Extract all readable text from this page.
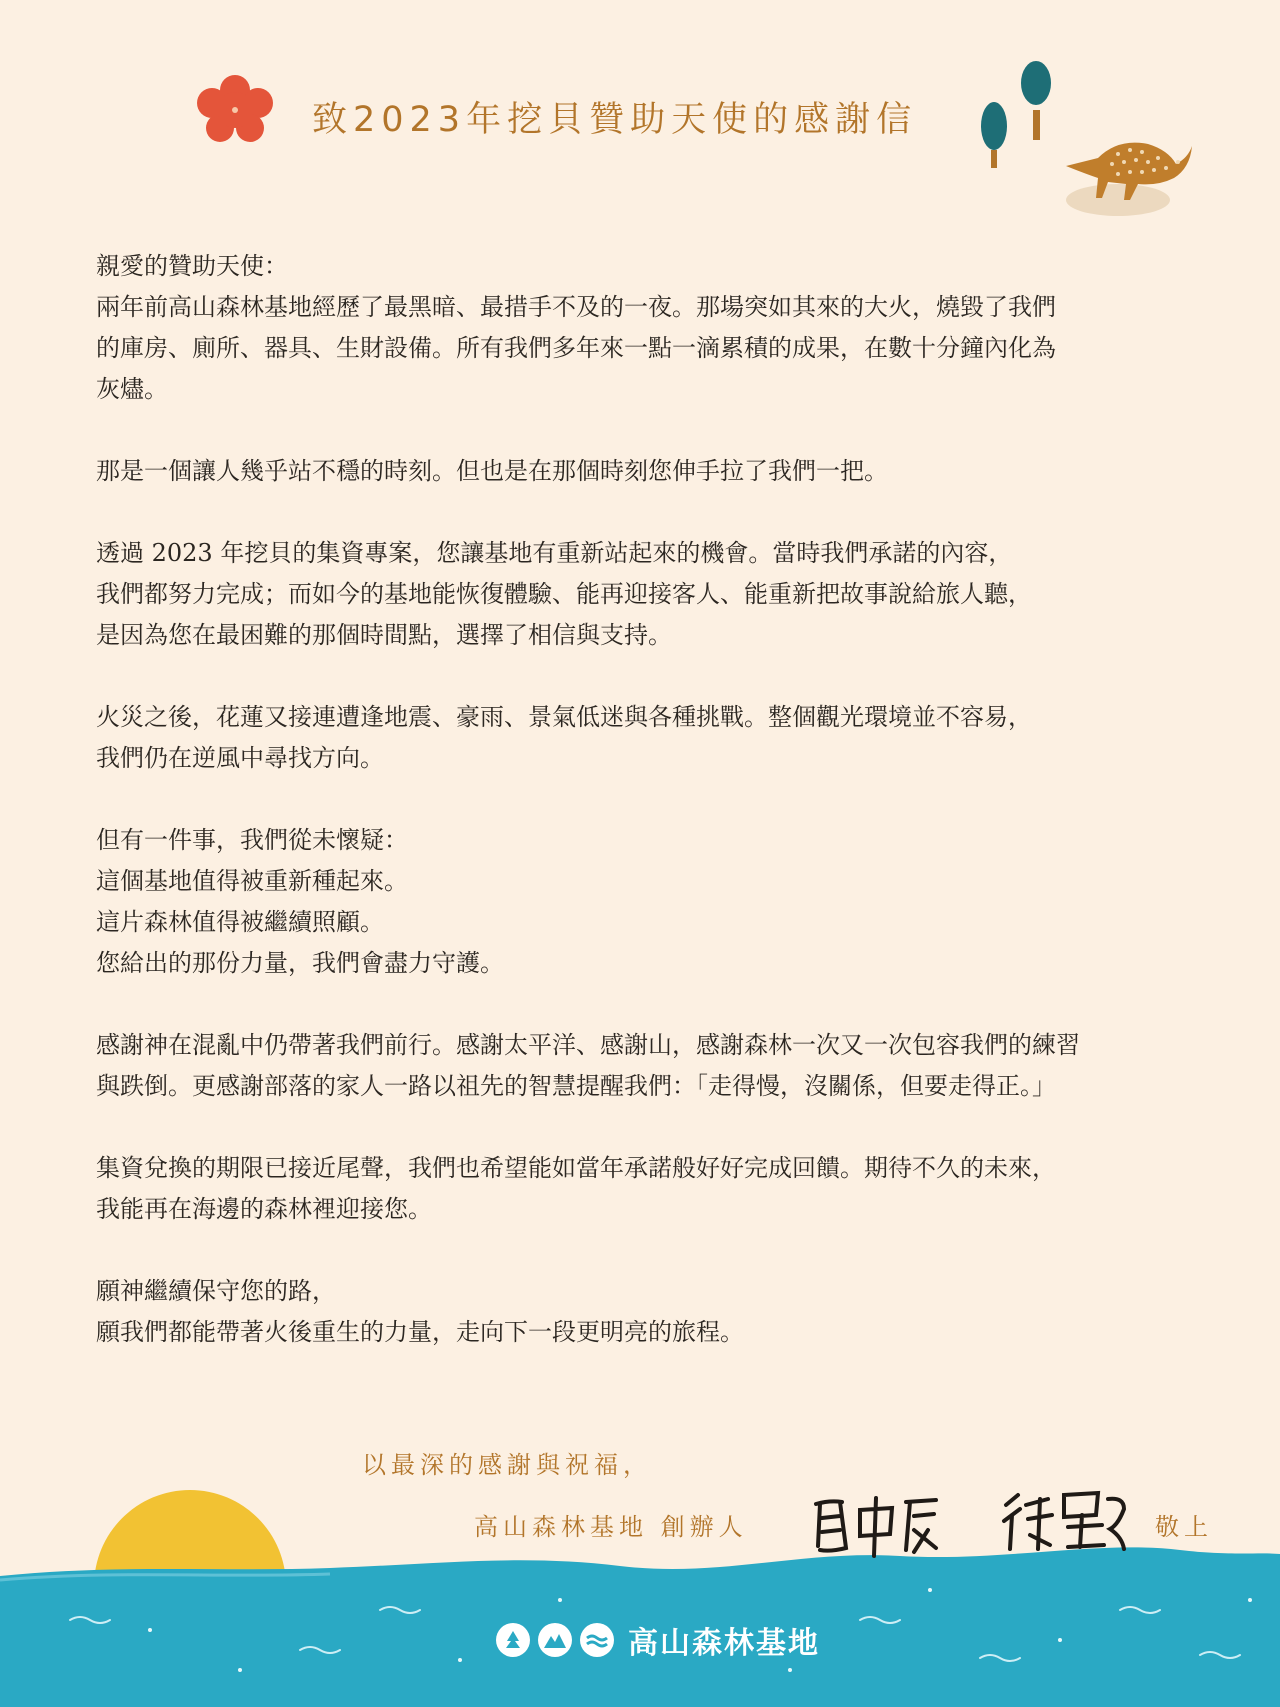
致2023年挖貝贊助天使的感謝信

親愛的贊助天使：
兩年前高山森林基地經歷了最黑暗、最措手不及的一夜。那場突如其來的大火，燒毀了我們
的庫房、廁所、器具、生財設備。所有我們多年來一點一滴累積的成果，在數十分鐘內化為
灰燼。

那是一個讓人幾乎站不穩的時刻。但也是在那個時刻您伸手拉了我們一把。

透過 2023 年挖貝的集資專案，您讓基地有重新站起來的機會。當時我們承諾的內容，
我們都努力完成；而如今的基地能恢復體驗、能再迎接客人、能重新把故事說給旅人聽，
是因為您在最困難的那個時間點，選擇了相信與支持。

火災之後，花蓮又接連遭逢地震、豪雨、景氣低迷與各種挑戰。整個觀光環境並不容易，
我們仍在逆風中尋找方向。

但有一件事，我們從未懷疑：
這個基地值得被重新種起來。
這片森林值得被繼續照顧。
您給出的那份力量，我們會盡力守護。

感謝神在混亂中仍帶著我們前行。感謝太平洋、感謝山，感謝森林一次又一次包容我們的練習
與跌倒。更感謝部落的家人一路以祖先的智慧提醒我們：「走得慢，沒關係，但要走得正。」

集資兌換的期限已接近尾聲，我們也希望能如當年承諾般好好完成回饋。期待不久的未來，
我能再在海邊的森林裡迎接您。

願神繼續保守您的路，
願我們都能帶著火後重生的力量，走向下一段更明亮的旅程。

以最深的感謝與祝福，
高山森林基地 創辦人	敬上
高山森林基地
